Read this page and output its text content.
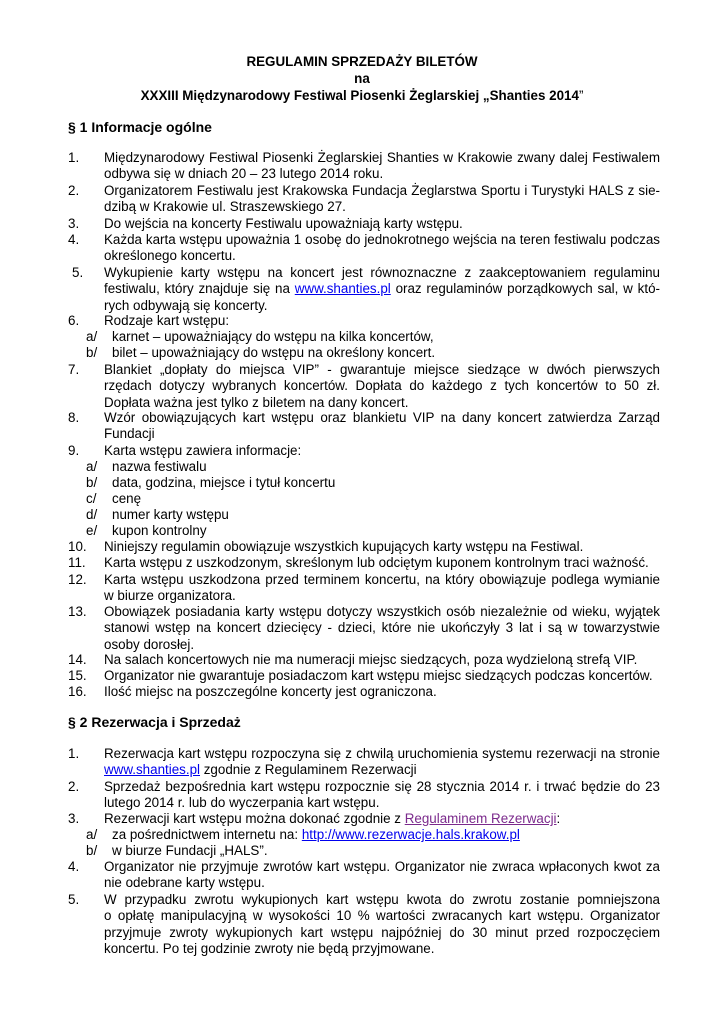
REGULAMIN SPRZEDAŻY BILETÓW
na
XXXIII Międzynarodowy Festiwal Piosenki Żeglarskiej „Shanties 2014”
§ 1 Informacje ogólne
1. Międzynarodowy Festiwal Piosenki Żeglarskiej Shanties w Krakowie zwany dalej Festiwalem
odbywa się w dniach 20 – 23 lutego 2014 roku.
2. Organizatorem Festiwalu jest Krakowska Fundacja Żeglarstwa Sportu i Turystyki HALS z sie-
dzibą w Krakowie ul. Straszewskiego 27.
3. Do wejścia na koncerty Festiwalu upoważniają karty wstępu.
4. Każda karta wstępu upoważnia 1 osobę do jednokrotnego wejścia na teren festiwalu podczas
określonego koncertu.
5. Wykupienie karty wstępu na koncert jest równoznaczne z zaakceptowaniem regulaminu
festiwalu, który znajduje się na www.shanties.pl oraz regulaminów porządkowych sal, w któ-
rych odbywają się koncerty.
6. Rodzaje kart wstępu:
a/ karnet – upoważniający do wstępu na kilka koncertów,
b/ bilet – upoważniający do wstępu na określony koncert.
7. Blankiet „dopłaty do miejsca VIP” - gwarantuje miejsce siedzące w dwóch pierwszych
rzędach dotyczy wybranych koncertów. Dopłata do każdego z tych koncertów to 50 zł.
Dopłata ważna jest tylko z biletem na dany koncert.
8. Wzór obowiązujących kart wstępu oraz blankietu VIP na dany koncert zatwierdza Zarząd
Fundacji
9. Karta wstępu zawiera informacje:
a/ nazwa festiwalu
b/ data, godzina, miejsce i tytuł koncertu
c/ cenę
d/ numer karty wstępu
e/ kupon kontrolny
10. Niniejszy regulamin obowiązuje wszystkich kupujących karty wstępu na Festiwal.
11. Karta wstępu z uszkodzonym, skreślonym lub odciętym kuponem kontrolnym traci ważność.
12. Karta wstępu uszkodzona przed terminem koncertu, na który obowiązuje podlega wymianie
w biurze organizatora.
13. Obowiązek posiadania karty wstępu dotyczy wszystkich osób niezależnie od wieku, wyjątek
stanowi wstęp na koncert dziecięcy - dzieci, które nie ukończyły 3 lat i są w towarzystwie
osoby dorosłej.
14. Na salach koncertowych nie ma numeracji miejsc siedzących, poza wydzieloną strefą VIP.
15. Organizator nie gwarantuje posiadaczom kart wstępu miejsc siedzących podczas koncertów.
16. Ilość miejsc na poszczególne koncerty jest ograniczona.
§ 2 Rezerwacja i Sprzedaż
1. Rezerwacja kart wstępu rozpoczyna się z chwilą uruchomienia systemu rezerwacji na stronie
www.shanties.pl zgodnie z Regulaminem Rezerwacji
2. Sprzedaż bezpośrednia kart wstępu rozpocznie się 28 stycznia 2014 r. i trwać będzie do 23
lutego 2014 r. lub do wyczerpania kart wstępu.
3. Rezerwacji kart wstępu można dokonać zgodnie z Regulaminem Rezerwacji:
a/ za pośrednictwem internetu na: http://www.rezerwacje.hals.krakow.pl
b/ w biurze Fundacji „HALS”.
4. Organizator nie przyjmuje zwrotów kart wstępu. Organizator nie zwraca wpłaconych kwot za
nie odebrane karty wstępu.
5. W przypadku zwrotu wykupionych kart wstępu kwota do zwrotu zostanie pomniejszona
o opłatę manipulacyjną w wysokości 10 % wartości zwracanych kart wstępu. Organizator
przyjmuje zwroty wykupionych kart wstępu najpóźniej do 30 minut przed rozpoczęciem
koncertu. Po tej godzinie zwroty nie będą przyjmowane.
